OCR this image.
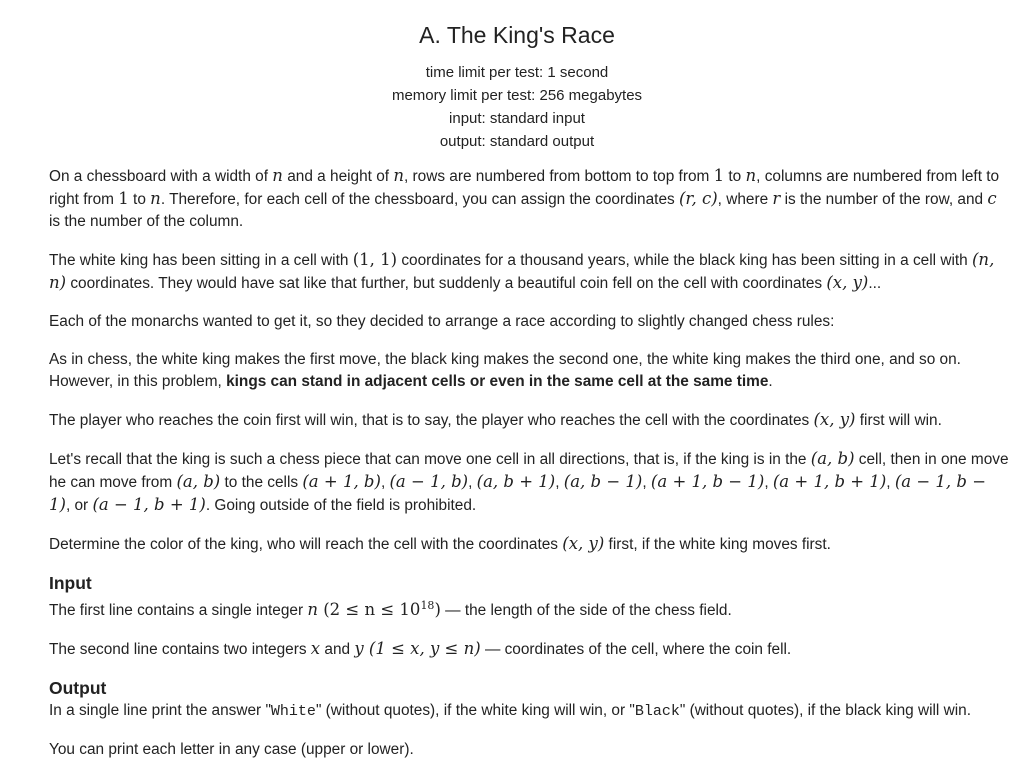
A. The King's Race
time limit per test: 1 second
memory limit per test: 256 megabytes
input: standard input
output: standard output

On a chessboard with a width of n and a height of n, rows are numbered from bottom to top from 1 to n, columns are numbered from left to right from 1 to n. Therefore, for each cell of the chessboard, you can assign the coordinates (r, c), where r is the number of the row, and c is the number of the column.

The white king has been sitting in a cell with (1, 1) coordinates for a thousand years, while the black king has been sitting in a cell with (n, n) coordinates. They would have sat like that further, but suddenly a beautiful coin fell on the cell with coordinates (x, y)...

Each of the monarchs wanted to get it, so they decided to arrange a race according to slightly changed chess rules:

As in chess, the white king makes the first move, the black king makes the second one, the white king makes the third one, and so on. However, in this problem, kings can stand in adjacent cells or even in the same cell at the same time.

The player who reaches the coin first will win, that is to say, the player who reaches the cell with the coordinates (x, y) first will win.

Let's recall that the king is such a chess piece that can move one cell in all directions, that is, if the king is in the (a, b) cell, then in one move he can move from (a, b) to the cells (a + 1, b), (a − 1, b), (a, b + 1), (a, b − 1), (a + 1, b − 1), (a + 1, b + 1), (a − 1, b − 1), or (a − 1, b + 1). Going outside of the field is prohibited.

Determine the color of the king, who will reach the cell with the coordinates (x, y) first, if the white king moves first.

Input

The first line contains a single integer n $(2 \le n \le 10^{18})$ — the length of the side of the chess field.

The second line contains two integers x and y (1 ≤ x, y ≤ n) — coordinates of the cell, where the coin fell.

Output

In a single line print the answer "White" (without quotes), if the white king will win, or "Black" (without quotes), if the black king will win.

You can print each letter in any case (upper or lower).
